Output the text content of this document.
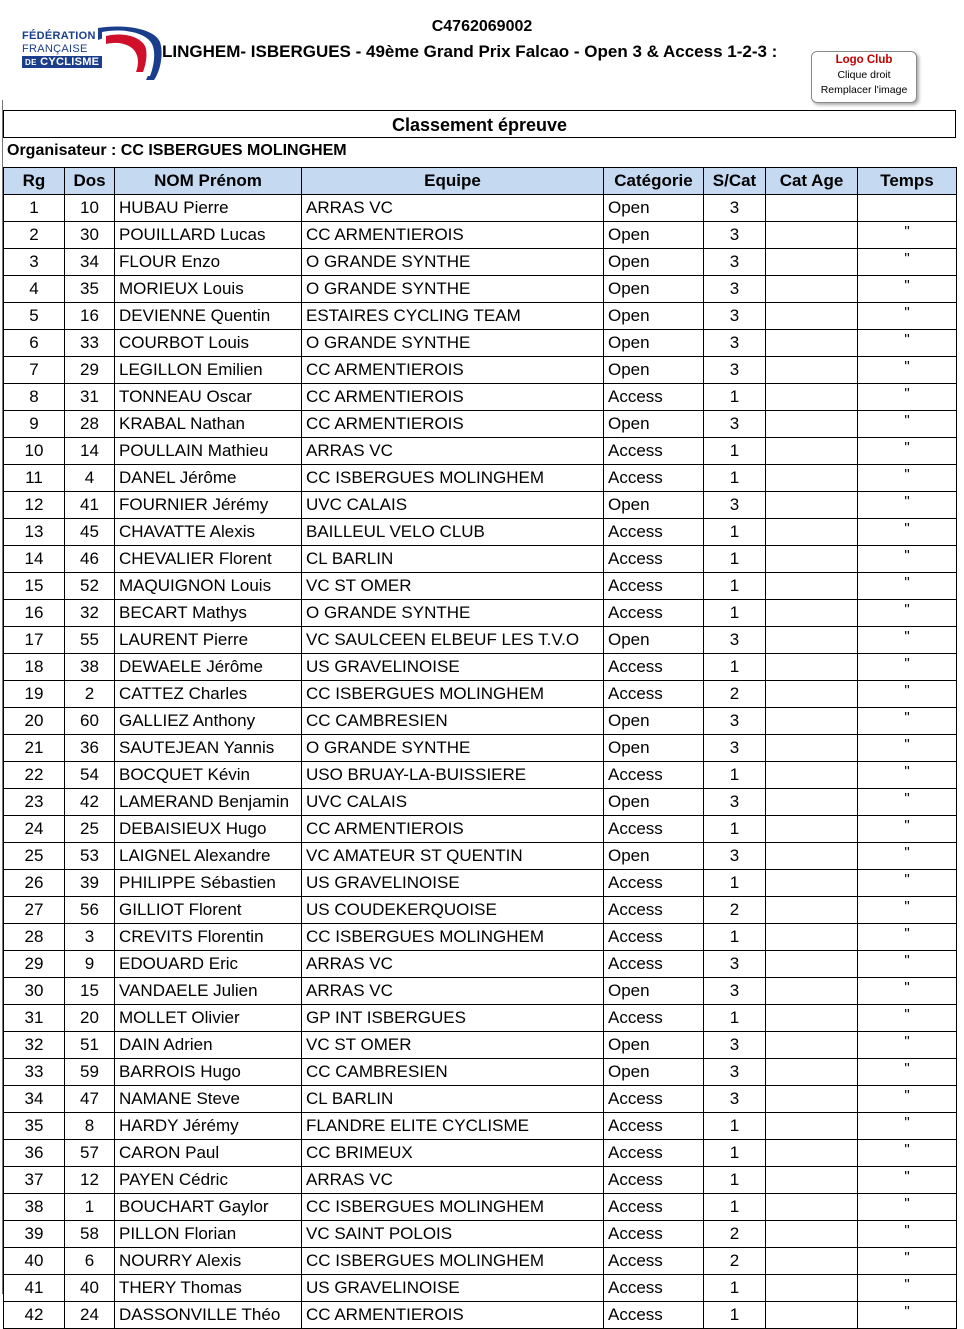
FÉDÉRATION
FRANÇAISE
DE CYCLISME
C4762069002
LINGHEM- ISBERGUES - 49ème Grand Prix Falcao - Open 3 & Access 1-2-3 :	Logo Club
Clique droit
Remplacer l'image
Classement épreuve
Organisateur : CC ISBERGUES MOLINGHEM
Rg	Dos	NOM Prénom	Equipe	Catégorie	S/Cat	Cat Age	Temps
1	10	HUBAU Pierre	ARRAS VC	Open	3		
2	30	POUILLARD Lucas	CC ARMENTIEROIS	Open	3		"
3	34	FLOUR Enzo	O GRANDE SYNTHE	Open	3		"
4	35	MORIEUX Louis	O GRANDE SYNTHE	Open	3		"
5	16	DEVIENNE Quentin	ESTAIRES CYCLING TEAM	Open	3		"
6	33	COURBOT Louis	O GRANDE SYNTHE	Open	3		"
7	29	LEGILLON Emilien	CC ARMENTIEROIS	Open	3		"
8	31	TONNEAU Oscar	CC ARMENTIEROIS	Access	1		"
9	28	KRABAL Nathan	CC ARMENTIEROIS	Open	3		"
10	14	POULLAIN Mathieu	ARRAS VC	Access	1		"
11	4	DANEL Jérôme	CC ISBERGUES MOLINGHEM	Access	1		"
12	41	FOURNIER Jérémy	UVC CALAIS	Open	3		"
13	45	CHAVATTE Alexis	BAILLEUL VELO CLUB	Access	1		"
14	46	CHEVALIER Florent	CL BARLIN	Access	1		"
15	52	MAQUIGNON Louis	VC ST OMER	Access	1		"
16	32	BECART Mathys	O GRANDE SYNTHE	Access	1		"
17	55	LAURENT Pierre	VC SAULCEEN ELBEUF LES T.V.O	Open	3		"
18	38	DEWAELE Jérôme	US GRAVELINOISE	Access	1		"
19	2	CATTEZ Charles	CC ISBERGUES MOLINGHEM	Access	2		"
20	60	GALLIEZ Anthony	CC CAMBRESIEN	Open	3		"
21	36	SAUTEJEAN Yannis	O GRANDE SYNTHE	Open	3		"
22	54	BOCQUET Kévin	USO BRUAY-LA-BUISSIERE	Access	1		"
23	42	LAMERAND Benjamin	UVC CALAIS	Open	3		"
24	25	DEBAISIEUX Hugo	CC ARMENTIEROIS	Access	1		"
25	53	LAIGNEL Alexandre	VC AMATEUR ST QUENTIN	Open	3		"
26	39	PHILIPPE Sébastien	US GRAVELINOISE	Access	1		"
27	56	GILLIOT Florent	US COUDEKERQUOISE	Access	2		"
28	3	CREVITS Florentin	CC ISBERGUES MOLINGHEM	Access	1		"
29	9	EDOUARD Eric	ARRAS VC	Access	3		"
30	15	VANDAELE Julien	ARRAS VC	Open	3		"
31	20	MOLLET Olivier	GP INT ISBERGUES	Access	1		"
32	51	DAIN Adrien	VC ST OMER	Open	3		"
33	59	BARROIS Hugo	CC CAMBRESIEN	Open	3		"
34	47	NAMANE Steve	CL BARLIN	Access	3		"
35	8	HARDY Jérémy	FLANDRE ELITE CYCLISME	Access	1		"
36	57	CARON Paul	CC BRIMEUX	Access	1		"
37	12	PAYEN Cédric	ARRAS VC	Access	1		"
38	1	BOUCHART Gaylor	CC ISBERGUES MOLINGHEM	Access	1		"
39	58	PILLON Florian	VC SAINT POLOIS	Access	2		"
40	6	NOURRY Alexis	CC ISBERGUES MOLINGHEM	Access	2		"
41	40	THERY Thomas	US GRAVELINOISE	Access	1		"
42	24	DASSONVILLE Théo	CC ARMENTIEROIS	Access	1		"
